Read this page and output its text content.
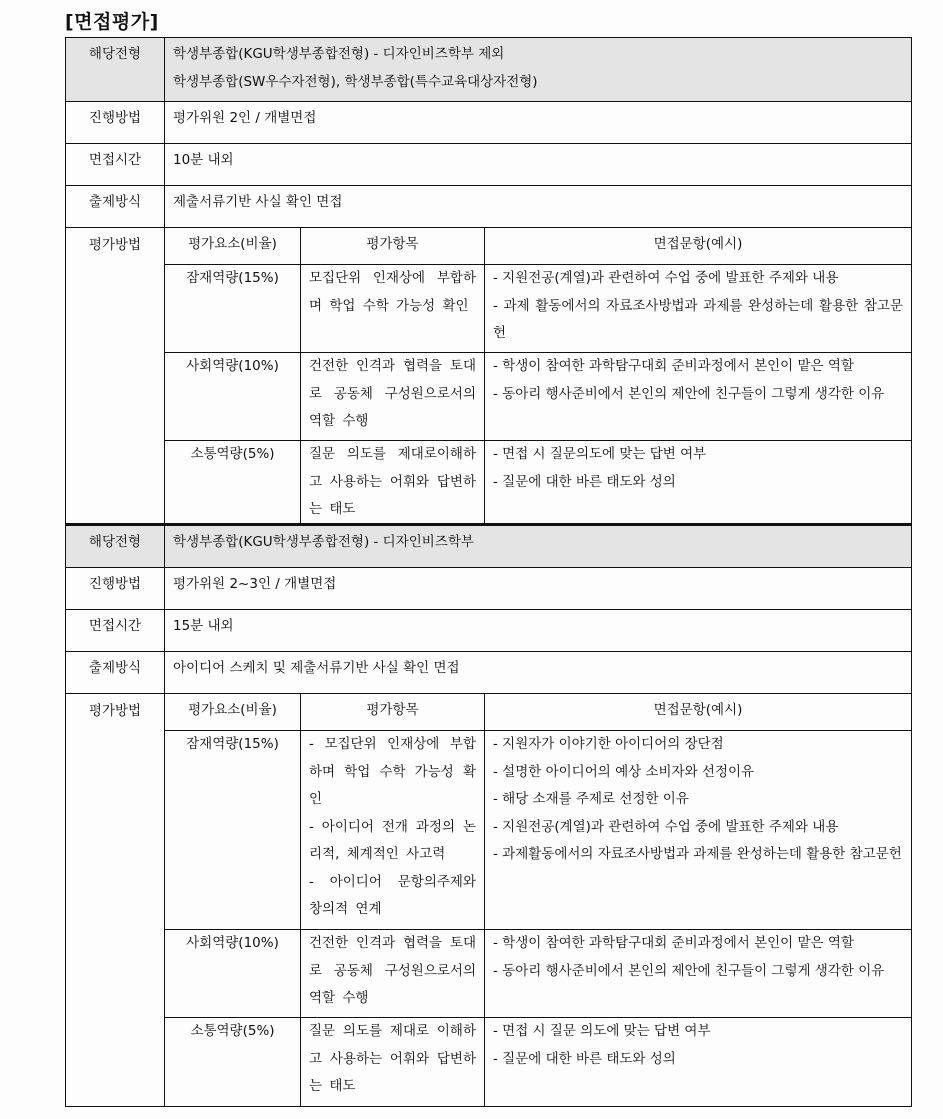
[면접평가]
해당전형	학생부종합(KGU학생부종합전형) - 디자인비즈학부 제외
학생부종합(SW우수자전형), 학생부종합(특수교육대상자전형)

진행방법	평가위원 2인 / 개별면접
면접시간	10분 내외
출제방식	제출서류기반 사실 확인 면접
평가방법		평가요소(비율)	평가항목	면접문항(예시)
잠재역량(15%)	모집단위 인재상에 부합하며 학업 수학 가능성 확인	
- 지원전공(계열)과 관련하여 수업 중에 발표한 주제와 내용
- 과제 활동에서의 자료조사방법과 과제를 완성하는데 활용한 참고문헌

사회역량(10%)	건전한 인격과 협력을 토대로 공동체 구성원으로서의 역할 수행	
- 학생이 참여한 과학탐구대회 준비과정에서 본인이 맡은 역할
- 동아리 행사준비에서 본인의 제안에 친구들이 그렇게 생각한 이유

소통역량(5%)	질문 의도를 제대로이해하고 사용하는 어휘와 답변하는 태도	
- 면접 시 질문의도에 맞는 답변 여부
- 질문에 대한 바른 태도와 성의
해당전형	학생부종합(KGU학생부종합전형) - 디자인비즈학부

진행방법	평가위원 2~3인 / 개별면접
면접시간	15분 내외
출제방식	아이디어 스케치 및 제출서류기반 사실 확인 면접
평가방법		평가요소(비율)	평가항목	면접문항(예시)
잠재역량(15%)	- 모집단위 인재상에 부합하며 학업 수학 가능성 확인
- 아이디어 전개 과정의 논리적, 체계적인 사고력
- 아이디어 문항의주제와 창의적 연계

- 지원자가 이야기한 아이디어의 장단점
- 설명한 아이디어의 예상 소비자와 선정이유
- 해당 소재를 주제로 선정한 이유
- 지원전공(계열)과 관련하여 수업 중에 발표한 주제와 내용
- 과제활동에서의 자료조사방법과 과제를 완성하는데 활용한 참고문헌

사회역량(10%)	건전한 인격과 협력을 토대로 공동체 구성원으로서의 역할 수행	
- 학생이 참여한 과학탐구대회 준비과정에서 본인이 맡은 역할
- 동아리 행사준비에서 본인의 제안에 친구들이 그렇게 생각한 이유

소통역량(5%)	질문 의도를 제대로 이해하고 사용하는 어휘와 답변하는 태도	
- 면접 시 질문 의도에 맞는 답변 여부
- 질문에 대한 바른 태도와 성의
